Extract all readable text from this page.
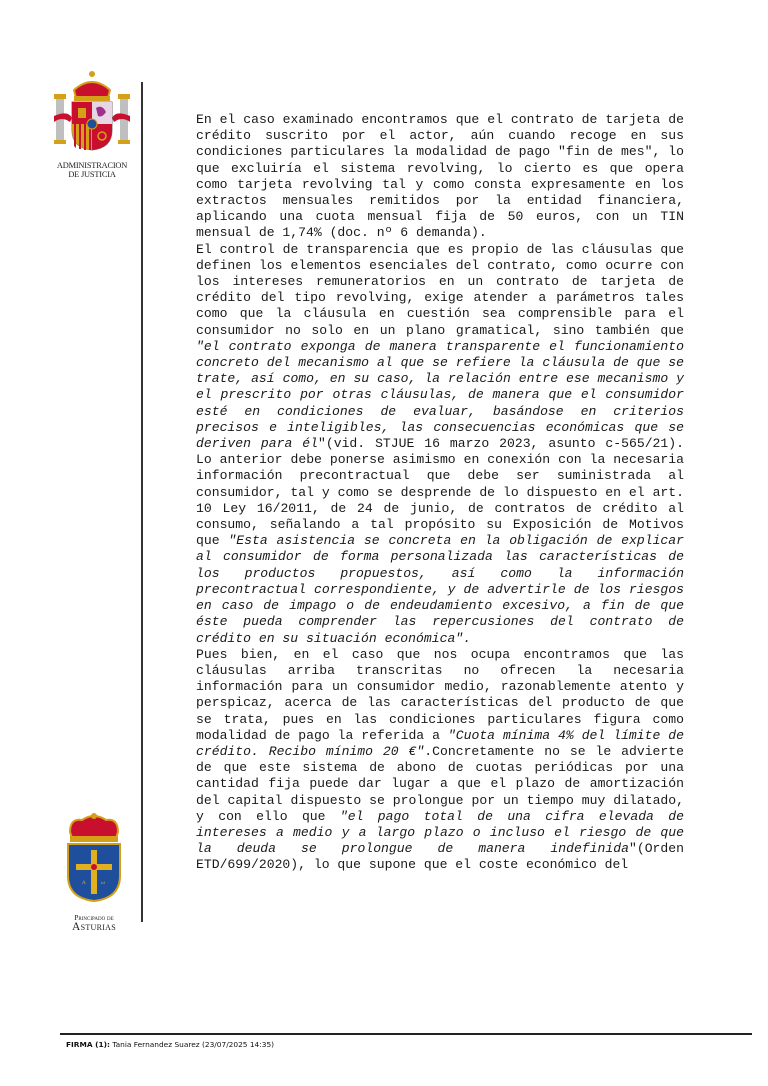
ADMINISTRACION
DE JUSTICIA
A	ω
Principado de
Asturias

En el caso examinado encontramos que el contrato de tarjeta de crédito suscrito por el actor, aún cuando recoge en sus condiciones particulares la modalidad de pago "fin de mes", lo que excluiría el sistema revolving, lo cierto es que opera como tarjeta revolving tal y como consta expresamente en los extractos mensuales remitidos por la entidad financiera, aplicando una cuota mensual fija de 50 euros, con un TIN mensual de 1,74% (doc. nº 6 demanda).

El control de transparencia que es propio de las cláusulas que definen los elementos esenciales del contrato, como ocurre con los intereses remuneratorios en un contrato de tarjeta de crédito del tipo revolving, exige atender a parámetros tales como que la cláusula en cuestión sea comprensible para el consumidor no solo en un plano gramatical, sino también que "el contrato exponga de manera transparente el funcionamiento concreto del mecanismo al que se refiere la cláusula de que se trate, así como, en su caso, la relación entre ese mecanismo y el prescrito por otras cláusulas, de manera que el consumidor esté en condiciones de evaluar, basándose en criterios precisos e inteligibles, las consecuencias económicas que se deriven para él"(vid. STJUE 16 marzo 2023, asunto c-565/21). Lo anterior debe ponerse asimismo en conexión con la necesaria información precontractual que debe ser suministrada al consumidor, tal y como se desprende de lo dispuesto en el art. 10 Ley 16/2011, de 24 de junio, de contratos de crédito al consumo, señalando a tal propósito su Exposición de Motivos que "Esta asistencia se concreta en la obligación de explicar al consumidor de forma personalizada las características de los productos propuestos, así como la información precontractual correspondiente, y de advertirle de los riesgos en caso de impago o de endeudamiento excesivo, a fin de que éste pueda comprender las repercusiones del contrato de crédito en su situación económica".

Pues bien, en el caso que nos ocupa encontramos que las cláusulas arriba transcritas no ofrecen la necesaria información para un consumidor medio, razonablemente atento y perspicaz, acerca de las características del producto de que se trata, pues en las condiciones particulares figura como modalidad de pago la referida a "Cuota mínima 4% del límite de crédito. Recibo mínimo 20 €".Concretamente no se le advierte de que este sistema de abono de cuotas periódicas por una cantidad fija puede dar lugar a que el plazo de amortización del capital dispuesto se prolongue por un tiempo muy dilatado, y con ello que "el pago total de una cifra elevada de intereses a medio y a largo plazo o incluso el riesgo de que la deuda se prolongue de manera indefinida"(Orden ETD/699/2020), lo que supone que el coste económico del

FIRMA (1): Tania Fernandez Suarez (23/07/2025 14:35)
